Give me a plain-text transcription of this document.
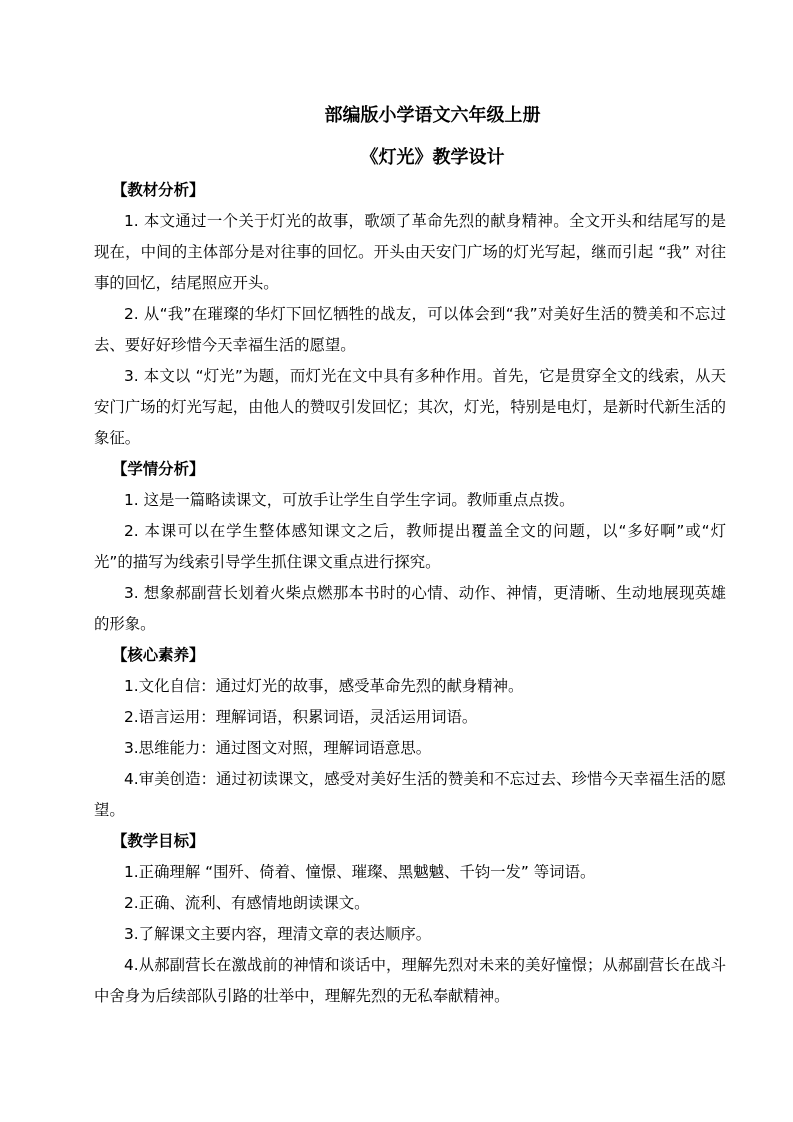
部编版小学语文六年级上册
《灯光》教学设计
【教材分析】
1. 本文通过一个关于灯光的故事，歌颂了革命先烈的献身精神。全文开头和结尾写的是现在，中间的主体部分是对往事的回忆。开头由天安门广场的灯光写起，继而引起 “我” 对往事的回忆，结尾照应开头。
2. 从“我”在璀璨的华灯下回忆牺牲的战友，可以体会到“我”对美好生活的赞美和不忘过去、要好好珍惜今天幸福生活的愿望。
3. 本文以 “灯光”为题，而灯光在文中具有多种作用。首先，它是贯穿全文的线索，从天安门广场的灯光写起，由他人的赞叹引发回忆；其次，灯光，特别是电灯，是新时代新生活的象征。
【学情分析】
1. 这是一篇略读课文，可放手让学生自学生字词。教师重点点拨。
2. 本课可以在学生整体感知课文之后，教师提出覆盖全文的问题，以“多好啊”或“灯光”的描写为线索引导学生抓住课文重点进行探究。
3. 想象郝副营长划着火柴点燃那本书时的心情、动作、神情，更清晰、生动地展现英雄的形象。
【核心素养】
1.文化自信：通过灯光的故事，感受革命先烈的献身精神。
2.语言运用：理解词语，积累词语，灵活运用词语。
3.思维能力：通过图文对照，理解词语意思。
4.审美创造：通过初读课文，感受对美好生活的赞美和不忘过去、珍惜今天幸福生活的愿望。
【教学目标】
1.正确理解 “围歼、倚着、憧憬、璀璨、黑魆魆、千钧一发” 等词语。
2.正确、流利、有感情地朗读课文。
3.了解课文主要内容，理清文章的表达顺序。
4.从郝副营长在激战前的神情和谈话中，理解先烈对未来的美好憧憬；从郝副营长在战斗中舍身为后续部队引路的壮举中，理解先烈的无私奉献精神。
